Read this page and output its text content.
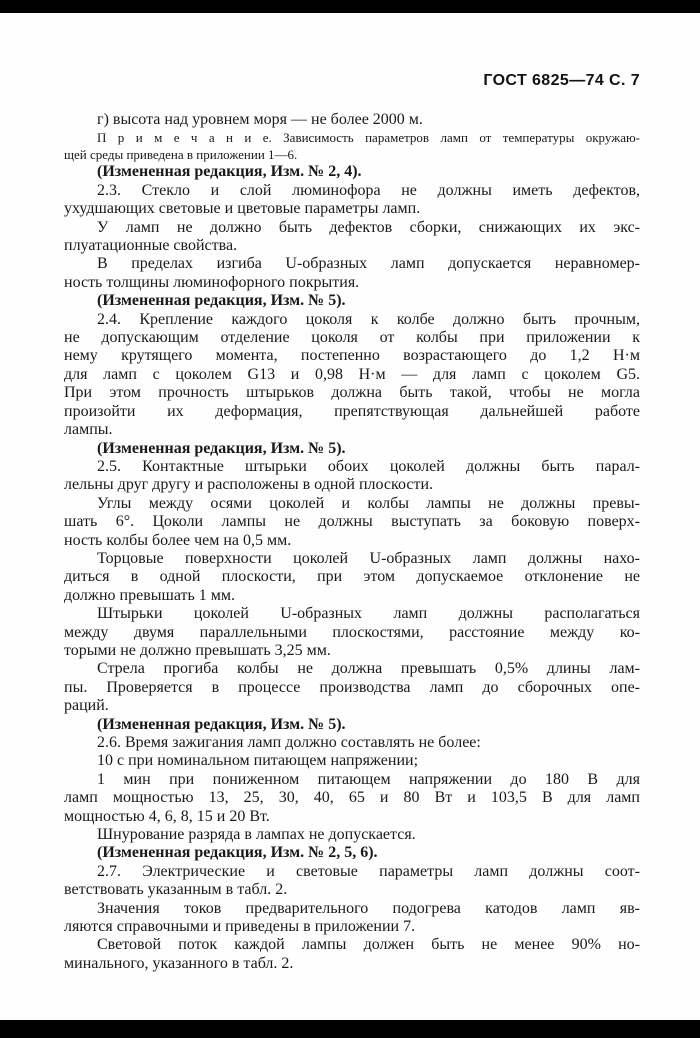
ГОСТ 6825—74 С. 7
г) высота над уровнем моря — не более 2000 м.
П р и м е ч а н и е. Зависимость параметров ламп от температуры окружаю-
щей среды приведена в приложении 1—6.
(Измененная редакция, Изм. № 2, 4).
2.3. Стекло и слой люминофора не должны иметь дефектов,
ухудшающих световые и цветовые параметры ламп.
У ламп не должно быть дефектов сборки, снижающих их экс-
плуатационные свойства.
В пределах изгиба U-образных ламп допускается неравномер-
ность толщины люминофорного покрытия.
(Измененная редакция, Изм. № 5).
2.4. Крепление каждого цоколя к колбе должно быть прочным,
не допускающим отделение цоколя от колбы при приложении к
нему крутящего момента, постепенно возрастающего до 1,2 Н·м
для ламп с цоколем G13 и 0,98 Н·м — для ламп с цоколем G5.
При этом прочность штырьков должна быть такой, чтобы не могла
произойти их деформация, препятствующая дальнейшей работе
лампы.
(Измененная редакция, Изм. № 5).
2.5. Контактные штырьки обоих цоколей должны быть парал-
лельны друг другу и расположены в одной плоскости.
Углы между осями цоколей и колбы лампы не должны превы-
шать 6°. Цоколи лампы не должны выступать за боковую поверх-
ность колбы более чем на 0,5 мм.
Торцовые поверхности цоколей U-образных ламп должны нахо-
диться в одной плоскости, при этом допускаемое отклонение не
должно превышать 1 мм.
Штырьки цоколей U-образных ламп должны располагаться
между двумя параллельными плоскостями, расстояние между ко-
торыми не должно превышать 3,25 мм.
Стрела прогиба колбы не должна превышать 0,5% длины лам-
пы. Проверяется в процессе производства ламп до сборочных опе-
раций.
(Измененная редакция, Изм. № 5).
2.6. Время зажигания ламп должно составлять не более:
10 с при номинальном питающем напряжении;
1 мин при пониженном питающем напряжении до 180 В для
ламп мощностью 13, 25, 30, 40, 65 и 80 Вт и 103,5 В для ламп
мощностью 4, 6, 8, 15 и 20 Вт.
Шнурование разряда в лампах не допускается.
(Измененная редакция, Изм. № 2, 5, 6).
2.7. Электрические и световые параметры ламп должны соот-
ветствовать указанным в табл. 2.
Значения токов предварительного подогрева катодов ламп яв-
ляются справочными и приведены в приложении 7.
Световой поток каждой лампы должен быть не менее 90% но-
минального, указанного в табл. 2.
